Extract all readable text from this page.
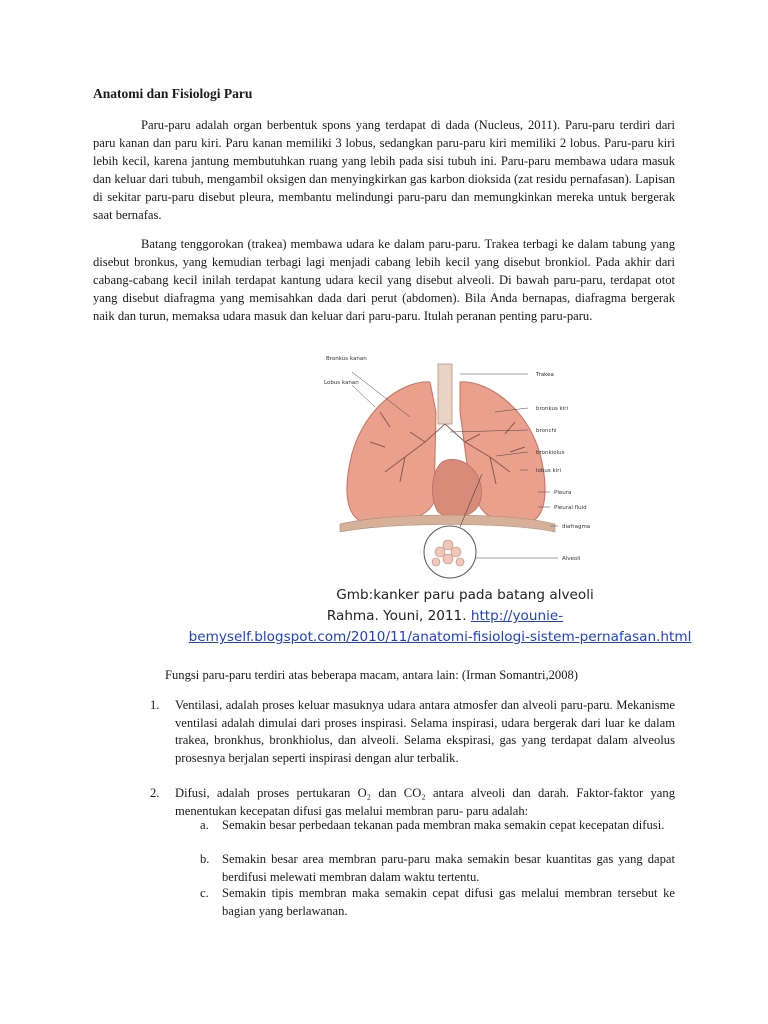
Anatomi dan Fisiologi Paru

Paru-paru adalah organ berbentuk spons yang terdapat di dada (Nucleus, 2011). Paru-paru terdiri dari paru kanan dan paru kiri. Paru kanan memiliki 3 lobus, sedangkan paru-paru kiri memiliki 2 lobus. Paru-paru kiri lebih kecil, karena jantung membutuhkan ruang yang lebih pada sisi tubuh ini. Paru-paru membawa udara masuk dan keluar dari tubuh, mengambil oksigen dan menyingkirkan gas karbon dioksida (zat residu pernafasan). Lapisan di sekitar paru-paru disebut pleura, membantu melindungi paru-paru dan memungkinkan mereka untuk bergerak saat bernafas.

Batang tenggorokan (trakea) membawa udara ke dalam paru-paru. Trakea terbagi ke dalam tabung yang disebut bronkus, yang kemudian terbagi lagi menjadi cabang lebih kecil yang disebut bronkiol. Pada akhir dari cabang-cabang kecil inilah terdapat kantung udara kecil yang disebut alveoli. Di bawah paru-paru, terdapat otot yang disebut diafragma yang memisahkan dada dari perut (abdomen). Bila Anda bernapas, diafragma bergerak naik dan turun, memaksa udara masuk dan keluar dari paru-paru. Itulah peranan penting paru-paru.

Bronkus kanan
Lobus kanan
Trakea
bronkus kiri
bronchi
bronkiolus
lobus kiri
Pleura
Pleural fluid
diafragma
Alveoli
Gmb:kanker paru pada batang alveoli
Rahma. Youni, 2011. http://younie-
bemyself.blogspot.com/2010/11/anatomi-fisiologi-sistem-pernafasan.html
Fungsi paru-paru terdiri atas beberapa macam, antara lain: (Irman Somantri,2008)
1. Ventilasi, adalah proses keluar masuknya udara antara atmosfer dan alveoli paru-paru. Mekanisme ventilasi adalah dimulai dari proses inspirasi. Selama inspirasi, udara bergerak dari luar ke dalam trakea, bronkhus, bronkhiolus, dan alveoli. Selama ekspirasi, gas yang terdapat dalam alveolus prosesnya berjalan seperti inspirasi dengan alur terbalik.
2. Difusi, adalah proses pertukaran O₂ dan CO₂ antara alveoli dan darah. Faktor-faktor yang menentukan kecepatan difusi gas melalui membran paru- paru adalah:
a. Semakin besar perbedaan tekanan pada membran maka semakin cepat kecepatan difusi.
b. Semakin besar area membran paru-paru maka semakin besar kuantitas gas yang dapat berdifusi melewati membran dalam waktu tertentu.
c. Semakin tipis membran maka semakin cepat difusi gas melalui membran tersebut ke bagian yang berlawanan.
